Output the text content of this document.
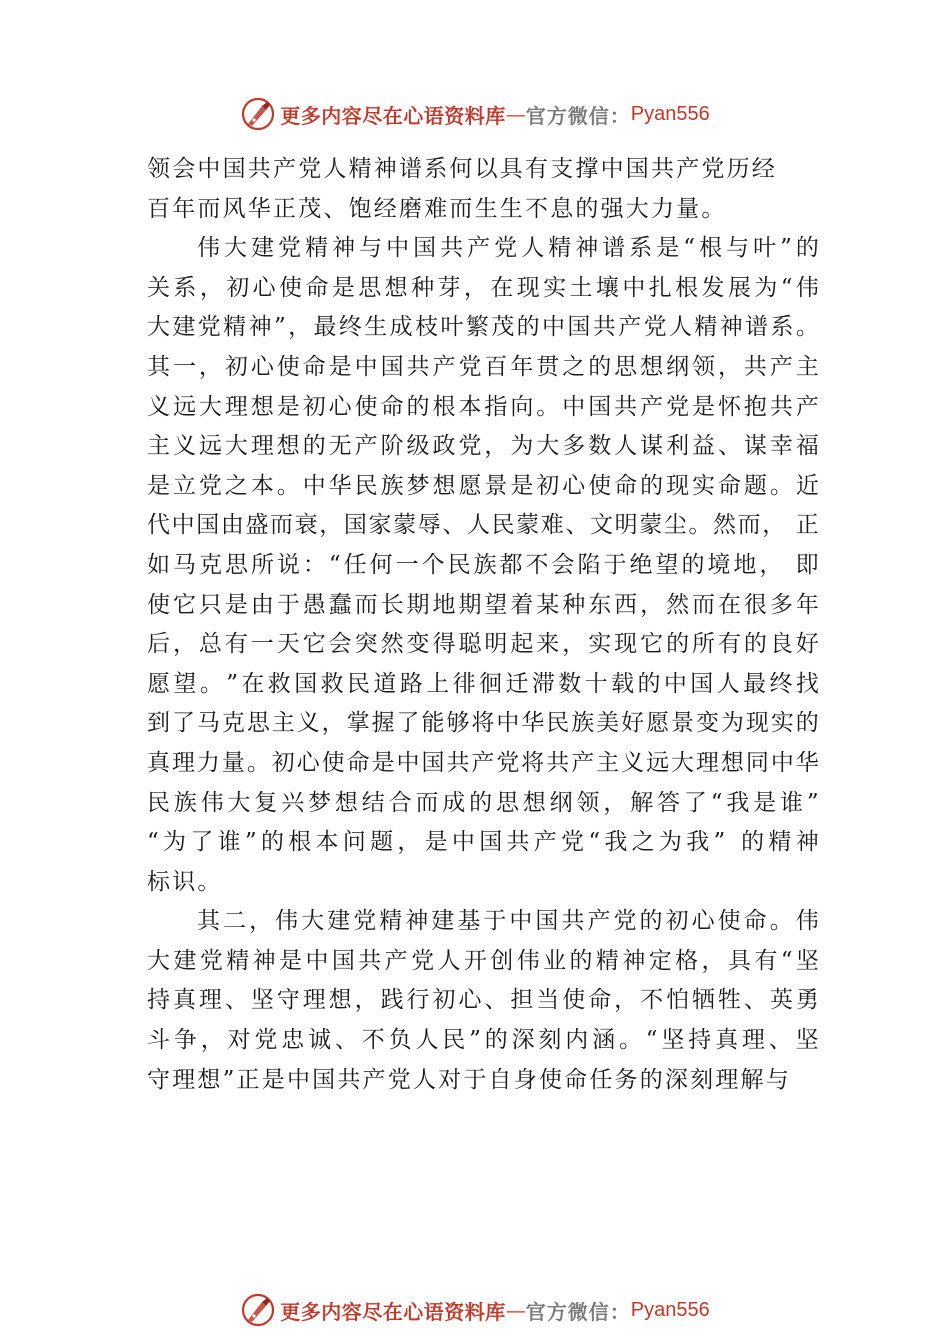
更多内容尽在心语资料库 — 官方微信： Pyan556
领会中国共产党人精神谱系何以具有支撑中国共产党历经
百年而风华正茂、饱经磨难而生生不息的强大力量。
伟 大 建 党 精 神 与 中 国 共 产 党 人 精 神 谱 系 是 “ 根 与 叶 ” 的
关 系 ， 初 心 使 命 是 思 想 种 芽 ， 在 现 实 土 壤 中 扎 根 发 展 为 “ 伟
大 建 党 精 神 ” ， 最 终 生 成 枝 叶 繁 茂 的 中 国 共 产 党 人 精 神 谱 系 。
其 一 ， 初 心 使 命 是 中 国 共 产 党 百 年 贯 之 的 思 想 纲 领 ， 共 产 主
义 远 大 理 想 是 初 心 使 命 的 根 本 指 向 。 中 国 共 产 党 是 怀 抱 共 产
主 义 远 大 理 想 的 无 产 阶 级 政 党 ， 为 大 多 数 人 谋 利 益 、 谋 幸 福
是 立 党 之 本 。 中 华 民 族 梦 想 愿 景 是 初 心 使 命 的 现 实 命 题 。 近
代 中 国 由 盛 而 衰 ， 国 家 蒙 辱 、 人 民 蒙 难 、 文 明 蒙 尘 。 然 而 ，
正
如 马 克 思 所 说 ： “ 任 何 一 个 民 族 都 不 会 陷 于 绝 望 的 境 地 ，
即
使 它 只 是 由 于 愚 蠢 而 长 期 地 期 望 着 某 种 东 西 ， 然 而 在 很 多 年
后 ， 总 有 一 天 它 会 突 然 变 得 聪 明 起 来 ， 实 现 它 的 所 有 的 良 好
愿 望 。 ” 在 救 国 救 民 道 路 上 徘 徊 迁 滞 数 十 载 的 中 国 人 最 终 找
到 了 马 克 思 主 义 ， 掌 握 了 能 够 将 中 华 民 族 美 好 愿 景 变 为 现 实 的
真 理 力 量 。 初 心 使 命 是 中 国 共 产 党 将 共 产 主 义 远 大 理 想 同 中 华
民 族 伟 大 复 兴 梦 想 结 合 而 成 的 思 想 纲 领 ， 解 答 了 “ 我 是 谁 ”
“ 为 了 谁 ” 的 根 本 问 题 ， 是 中 国 共 产 党 “ 我 之 为 我 ”
的 精 神
标识。
其 二 ， 伟 大 建 党 精 神 建 基 于 中 国 共 产 党 的 初 心 使 命 。 伟
大 建 党 精 神 是 中 国 共 产 党 人 开 创 伟 业 的 精 神 定 格 ， 具 有 “ 坚
持 真 理 、 坚 守 理 想 ， 践 行 初 心 、 担 当 使 命 ， 不 怕 牺 牲 、 英 勇
斗 争 ， 对 党 忠 诚 、 不 负 人 民 ” 的 深 刻 内 涵 。 “ 坚 持 真 理 、 坚
守理想”正是中国共产党人对于自身使命任务的深刻理解与
更多内容尽在心语资料库 — 官方微信： Pyan556
